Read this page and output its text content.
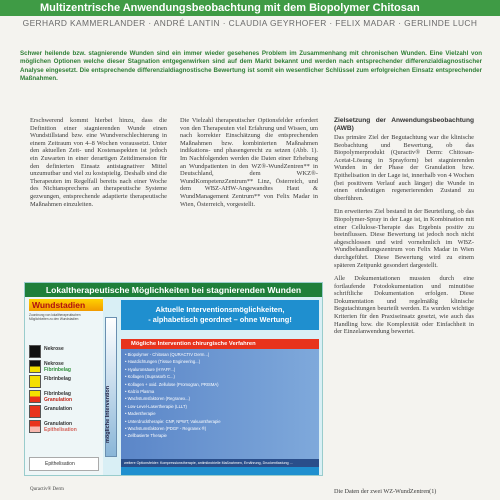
Multizentrische Anwendungsbeobachtung mit dem Biopolymer Chitosan
GERHARD KAMMERLANDER · ANDRÉ LANTIN · CLAUDIA GEYRHOFER · FELIX MADAR · GERLINDE LUCH
Schwer heilende bzw. stagnierende Wunden sind ein immer wieder gesehenes Problem im Zusammenhang mit chronischen Wunden. Eine Vielzahl von möglichen Optionen welche dieser Stagnation entgegenwirken sind auf dem Markt bekannt und werden nach entsprechender differenzialdiagnostischer Analyse eingesetzt. Die entsprechende differenzialdiagnostische Bewertung ist somit ein wesentlicher Schlüssel zum erfolgreichen Einsatz entsprechender Maßnahmen.

Erschwerend kommt hierbei hinzu, dass die Definition einer stagnierenden Wunde einen Wundstillstand bzw. eine Wundverschlechterung in einem Zeitraum von 4–8 Wochen voraussetzt. Unter den aktuellen Zeit- und Kostenaspekten ist jedoch ein Zuwarten in einer derartigen Zeitdimension für den definierten Einsatz antistagnativer Mittel unzumutbar und viel zu kostspielig. Deshalb sind die Therapeuten im Regelfall bereits nach einer Woche des Nichtansprechens an therapeutische Systeme gezwungen, entsprechende adaptierte therapeutische Maßnahmen einzuleiten.

Die Vielzahl therapeutischer Optionsfelder erfordert von den Therapeuten viel Erfahrung und Wissen, um nach korrekter Einschätzung die entsprechenden Maßnahmen bzw. kombinierten Maßnahmen indikations- und phasengerecht zu setzen (Abb. 1). Im Nachfolgenden werden die Daten einer Erhebung an Wundpatienten in den WZ®-WundZentren** in Deutschland, dem WKZ®-WundKompetenzZentrum** Linz, Österreich, und dem WBZ-AHW-Angewandtes Haut & WundManagement Zentrum** von Felix Madar in Wien, Österreich, vorgestellt.

Zielsetzung der Anwendungsbeobachtung (AWB)

Das primäre Ziel der Begutachtung war die klinische Beobachtung und Bewertung, ob das Biopolymerprodukt (Quractiv® Derm: Chitosan-Acetat-Lösung in Sprayform) bei stagnierenden Wunden in der Phase der Granulation bzw. Epithelisation in der Lage ist, innerhalb von 4 Wochen (bei positivem Verlauf auch länger) die Wunde in einen eindeutigen regenerierenden Zustand zu überführen.

Ein erweitertes Ziel bestand in der Beurteilung, ob das Biopolymer-Spray in der Lage ist, in Kombination mit einer Cellulose-Therapie das Ergebnis positiv zu beeinflussen. Diese Bewertung ist jedoch noch nicht abgeschlossen und wird vornehmlich im WBZ-Wundbehandlungszentrum von Felix Madar in Wien durchgeführt. Diese Bewertung wird zu einem späteren Zeitpunkt gesondert dargestellt.

Alle Dokumentationen mussten durch eine fortlaufende Fotodokumentation und minutiöse schriftliche Dokumentation erfolgen. Diese Dokumentation und regelmäßig klinische Begutachtungen beurteilt werden. Es wurden wichtige Kriterien für den Praxiseinsatz gesetzt, wie auch das Handling bzw. die Komplexität oder Einfachheit in der Einzelanwendung bewertet.

Lokaltherapeutische Möglichkeiten bei stagnierenden Wunden
Wundstadien
Zuordnung von lokaltherapeutischen Möglichkeiten zu den Wundstadien
Nekrose
Nekrose
Fibrinbelag
Fibrinbelag
Fibrinbelag
Granulation
Granulation
Granulation
Epithelisation
Epithelisation
mögliche Intervention
Aktuelle Interventionsmöglichkeiten,
- alphabetisch geordnet – ohne Wertung!
Mögliche Intervention chirurgische Verfahren
• Biopolymer - Chitosan (QURACTIV Derm...)
• Hautdichtungen (Tissue Engineering...)
• Hyaluronsäure (HYAFF...)
• Kollagen (Suprasorb C...)
• Kollagen + oxid. Zellulose (Promogran, PRISMA)
• Kalzio Plasma
• Wachstumsfaktoren (Regranex...)
• Low-Level-Lasertherapie (LLLT)
• Madentherapie
• Unterdrucktherapie: CNP, NPWT, Vakuumtherapie
• Wachstumsfaktoren (PDGF - Regranex ®)
• Zellbasierte Therapie
weitere Optionsfelder: Kompressionstherapie, antimikrobielle Maßnahmen, Ernährung, Druckentlastung ...
Quractiv® Derm	Die Daten der zwei WZ-WundZentren(1)
